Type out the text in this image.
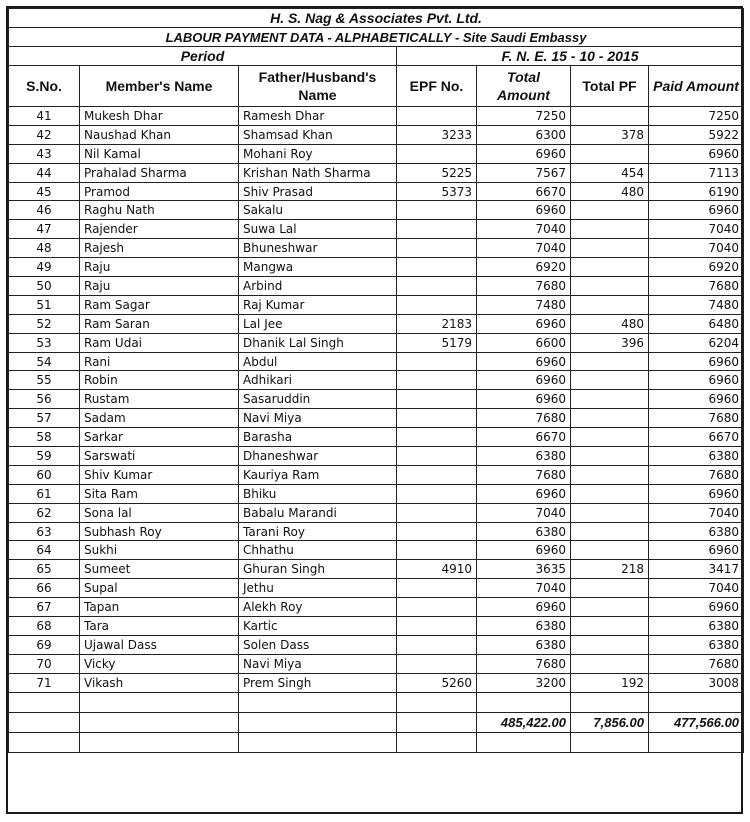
H. S. Nag & Associates Pvt. Ltd.						
LABOUR PAYMENT DATA - ALPHABETICALLY - Site Saudi Embassy						
Period			F. N. E. 15 - 10 - 2015			
S.No.	Member's Name	Father/Husband's Name	EPF No.	Total Amount	Total PF	Paid Amount
41	Mukesh Dhar	Ramesh Dhar		7250		7250
42	Naushad Khan	Shamsad Khan	3233	6300	378	5922
43	Nil Kamal	Mohani Roy		6960		6960
44	Prahalad Sharma	Krishan Nath Sharma	5225	7567	454	7113
45	Pramod	Shiv Prasad	5373	6670	480	6190
46	Raghu Nath	Sakalu		6960		6960
47	Rajender	Suwa Lal		7040		7040
48	Rajesh	Bhuneshwar		7040		7040
49	Raju	Mangwa		6920		6920
50	Raju	Arbind		7680		7680
51	Ram Sagar	Raj Kumar		7480		7480
52	Ram Saran	Lal Jee	2183	6960	480	6480
53	Ram Udai	Dhanik Lal Singh	5179	6600	396	6204
54	Rani	Abdul		6960		6960
55	Robin	Adhikari		6960		6960
56	Rustam	Sasaruddin		6960		6960
57	Sadam	Navi Miya		7680		7680
58	Sarkar	Barasha		6670		6670
59	Sarswati	Dhaneshwar		6380		6380
60	Shiv Kumar	Kauriya Ram		7680		7680
61	Sita Ram	Bhiku		6960		6960
62	Sona lal	Babalu Marandi		7040		7040
63	Subhash Roy	Tarani Roy		6380		6380
64	Sukhi	Chhathu		6960		6960
65	Sumeet	Ghuran Singh	4910	3635	218	3417
66	Supal	Jethu		7040		7040
67	Tapan	Alekh Roy		6960		6960
68	Tara	Kartic		6380		6380
69	Ujawal Dass	Solen Dass		6380		6380
70	Vicky	Navi Miya		7680		7680
71	Vikash	Prem Singh	5260	3200	192	3008

				485,422.00	7,856.00	477,566.00
